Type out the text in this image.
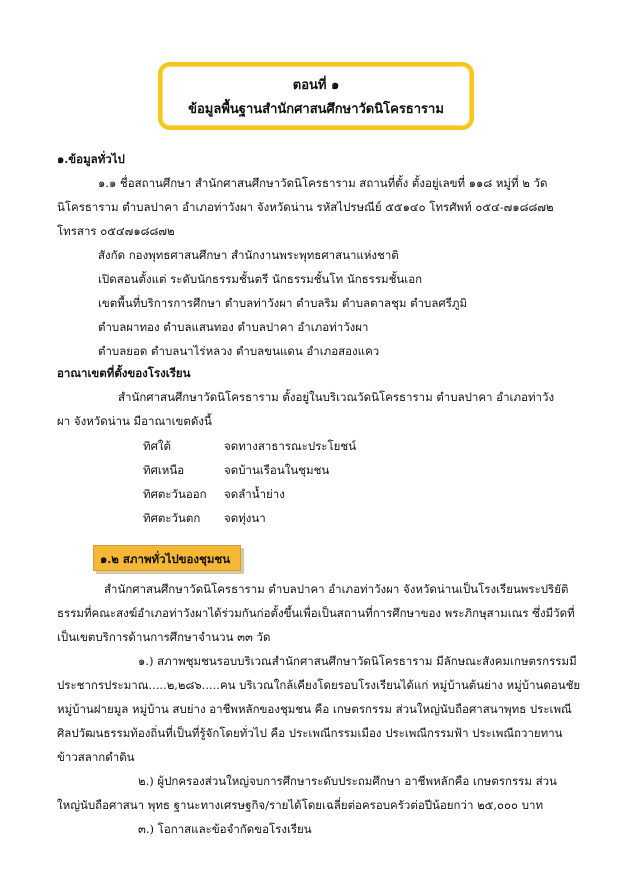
ตอนที่ ๑
ข้อมูลพื้นฐานสำนักศาสนศึกษาวัดนิโครธาราม
๑.ข้อมูลทั่วไป
๑.๑ ชื่อสถานศึกษา สำนักศาสนศึกษาวัดนิโครธาราม สถานที่ตั้ง ตั้งอยู่เลขที่ ๑๑๘ หมู่ที่ ๒ วัด
นิโครธาราม ตำบลปาคา อำเภอท่าวังผา จังหวัดน่าน รหัสไปรษณีย์ ๕๕๑๔๐ โทรศัพท์ ๐๕๔-๗๑๘๘๗๒
โทรสาร ๐๕๔๗๑๘๘๗๒
สังกัด กองพุทธศาสนศึกษา สำนักงานพระพุทธศาสนาแห่งชาติ
เปิดสอนตั้งแต่ ระดับนักธรรมชั้นตรี นักธรรมชั้นโท นักธรรมชั้นเอก
เขตพื้นที่บริการการศึกษา ตำบลท่าวังผา ตำบลริม ตำบลตาลชุม ตำบลศรีภูมิ
ตำบลผาทอง ตำบลแสนทอง ตำบลปาคา อำเภอท่าวังผา
ตำบลยอด ตำบลนาไร่หลวง ตำบลขนแดน อำเภอสองแคว
อาณาเขตที่ตั้งของโรงเรียน
สำนักศาสนศึกษาวัดนิโครธาราม ตั้งอยู่ในบริเวณวัดนิโครธาราม ตำบลปาคา อำเภอท่าวัง
ผา จังหวัดน่าน มีอาณาเขตดังนี้
ทิศใต้	จดทางสาธารณะประโยชน์
ทิศเหนือ	จดบ้านเรือนในชุมชน
ทิศตะวันออก จดลำน้ำย่าง
ทิศตะวันตก จดทุ่งนา
๑.๒ สภาพทั่วไปของชุมชน
สำนักศาสนศึกษาวัดนิโครธาราม ตำบลปาคา อำเภอท่าวังผา จังหวัดน่านเป็นโรงเรียนพระปริยัติ
ธรรมที่คณะสงฆ์อำเภอท่าวังผาได้ร่วมกันก่อตั้งขึ้นเพื่อเป็นสถานที่การศึกษาของ พระภิกษุสามเณร ซึ่งมีวัดที่
เป็นเขตบริการด้านการศึกษาจำนวน ๓๓ วัด
๑.) สภาพชุมชนรอบบริเวณสำนักศาสนศึกษาวัดนิโครธาราม มีลักษณะสังคมเกษตรกรรมมี
ประชากรประมาณ.....๒,๒๘๖.....คน บริเวณใกล้เคียงโดยรอบโรงเรียนได้แก่ หมู่บ้านต้นย่าง หมู่บ้านดอนชัย
หมู่บ้านฝายมูล หมู่บ้าน สบย่าง อาชีพหลักของชุมชน คือ เกษตรกรรม ส่วนใหญ่นับถือศาสนาพุทธ ประเพณี
ศิลปวัฒนธรรมท้องถิ่นที่เป็นที่รู้จักโดยทั่วไป คือ ประเพณีกรรมเมือง ประเพณีกรรมฟ้า ประเพณีถวายทาน
ข้าวสลากดำดิน
๒.) ผู้ปกครองส่วนใหญ่จบการศึกษาระดับประถมศึกษา อาชีพหลักคือ เกษตรกรรม ส่วน
ใหญ่นับถือศาสนา พุทธ ฐานะทางเศรษฐกิจ/รายได้โดยเฉลี่ยต่อครอบครัวต่อปีน้อยกว่า ๒๕,๐๐๐ บาท
๓.) โอกาสและข้อจำกัดขอโรงเรียน
